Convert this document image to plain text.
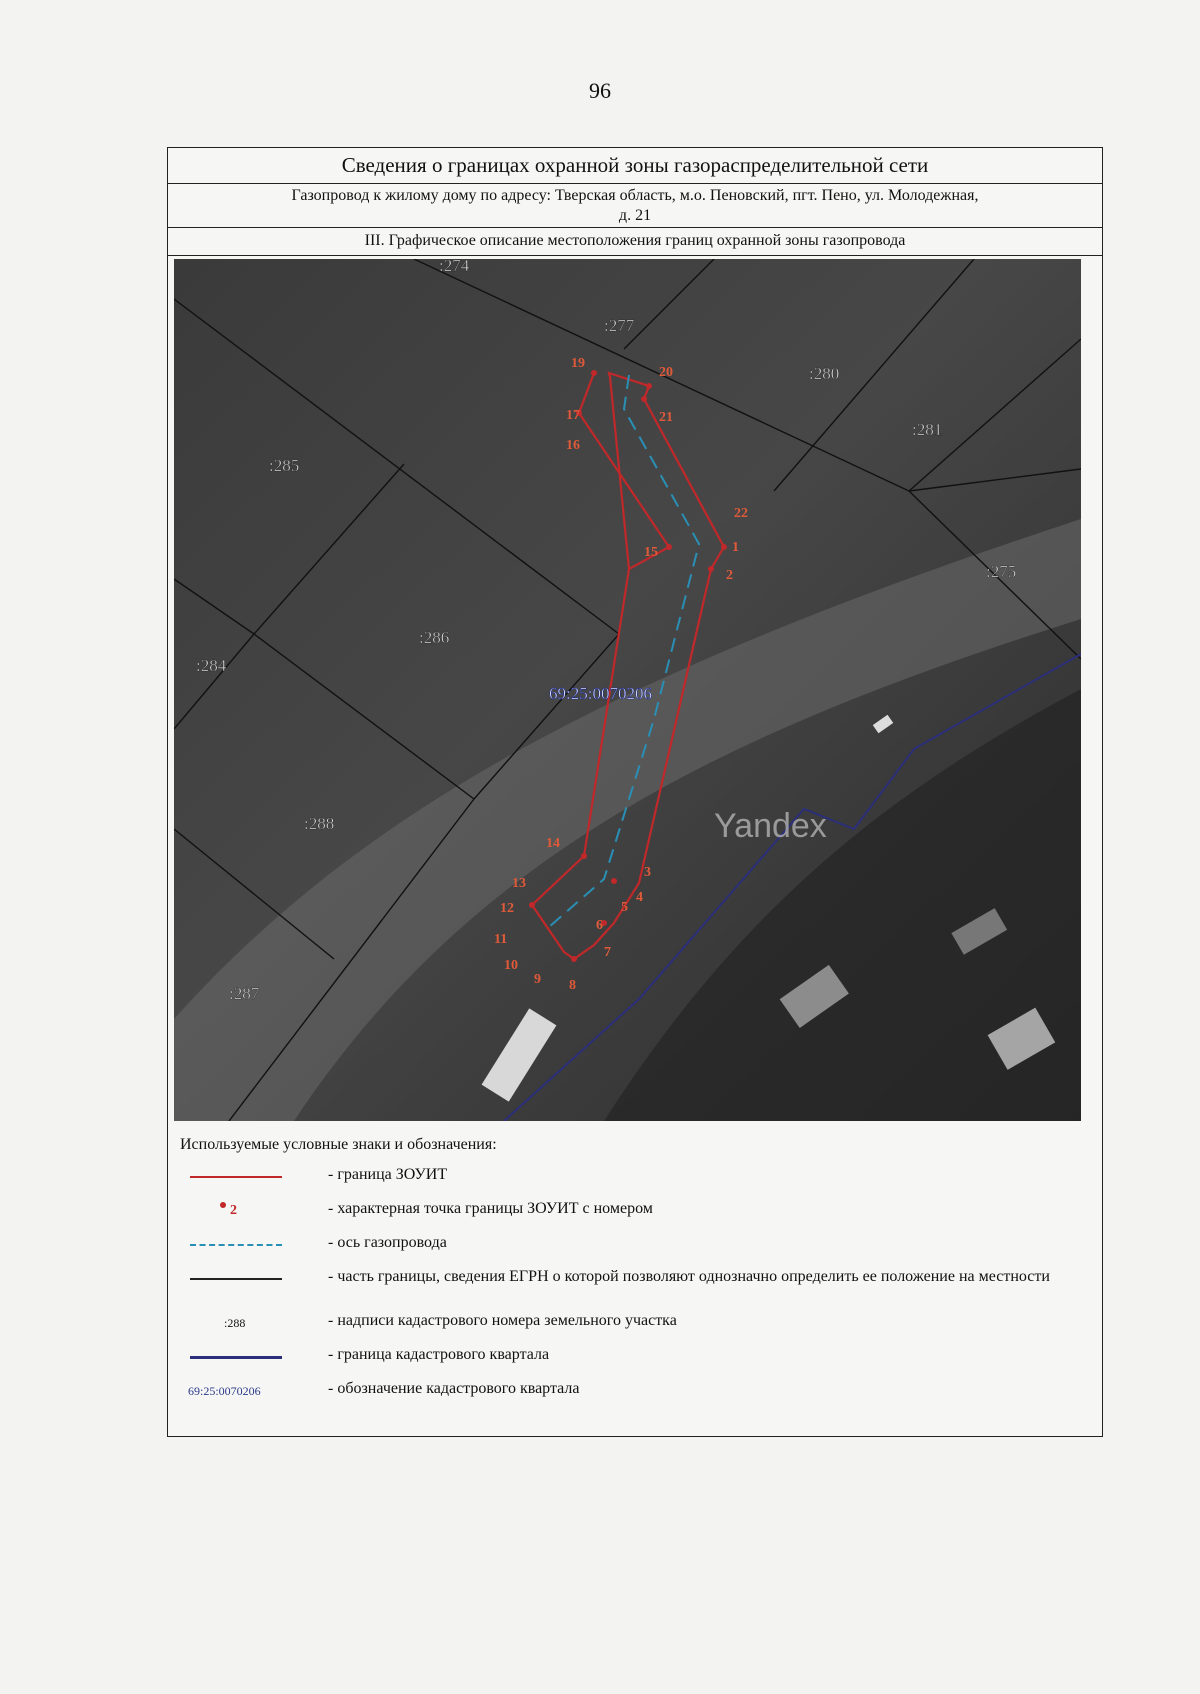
96
Сведения о границах охранной зоны газораспределительной сети
Газопровод к жилому дому по адресу: Тверская область, м.о. Пеновский, пгт. Пено, ул. Молодежная,
д. 21
III. Графическое описание местоположения границ охранной зоны газопровода
:274
:277
:280
:281
:285
:275
:286
:284
:288
:287
69:25:0070206
Yandex
19
20
21
17
16
22
15	1
2
14
3
13
4
12	5
6
11
7
10
8
9
Используемые условные знаки и обозначения:
- граница ЗОУИТ
2	- характерная точка границы ЗОУИТ с номером
- ось газопровода
- часть границы, сведения ЕГРН о которой позволяют однозначно определить ее положение на местности
:288	- надписи кадастрового номера земельного участка
- граница кадастрового квартала
69:25:0070206	- обозначение кадастрового квартала
